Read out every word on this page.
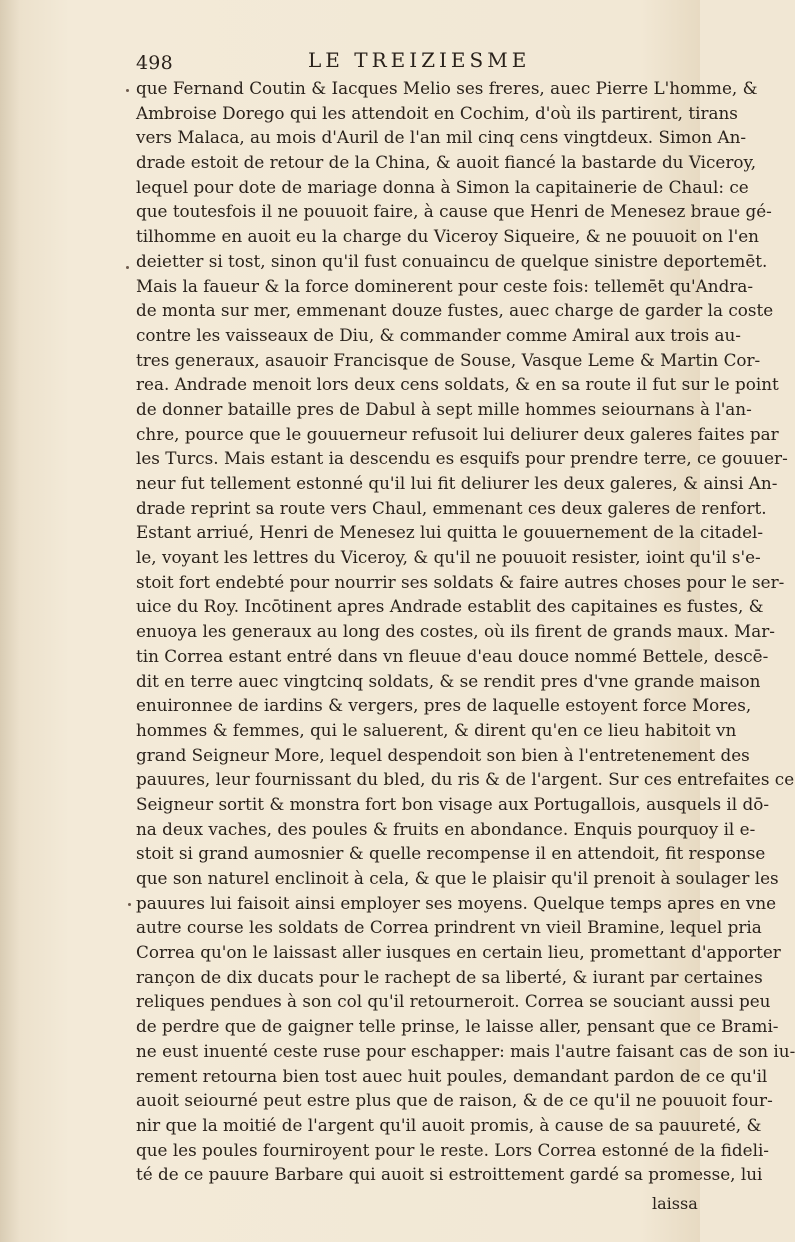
498	LE TREIZIESME
que Fernand Coutin & Iacques Melio ses freres, auec Pierre L'homme, &
Ambroise Dorego qui les attendoit en Cochim, d'où ils partirent, tirans
vers Malaca, au mois d'Auril de l'an mil cinq cens vingtdeux. Simon An-
drade estoit de retour de la China, & auoit fiancé la bastarde du Viceroy,
lequel pour dote de mariage donna à Simon la capitainerie de Chaul: ce
que toutesfois il ne pouuoit faire, à cause que Henri de Menesez braue gé-
tilhomme en auoit eu la charge du Viceroy Siqueire, & ne pouuoit on l'en
deietter si tost, sinon qu'il fust conuaincu de quelque sinistre deportemēt.
Mais la faueur & la force dominerent pour ceste fois: tellemēt qu'Andra-
de monta sur mer, emmenant douze fustes, auec charge de garder la coste
contre les vaisseaux de Diu, & commander comme Amiral aux trois au-
tres generaux, asauoir Francisque de Souse, Vasque Leme & Martin Cor-
rea. Andrade menoit lors deux cens soldats, & en sa route il fut sur le point
de donner bataille pres de Dabul à sept mille hommes seiournans à l'an-
chre, pource que le gouuerneur refusoit lui deliurer deux galeres faites par
les Turcs. Mais estant ia descendu es esquifs pour prendre terre, ce gouuer-
neur fut tellement estonné qu'il lui fit deliurer les deux galeres, & ainsi An-
drade reprint sa route vers Chaul, emmenant ces deux galeres de renfort.
Estant arriué, Henri de Menesez lui quitta le gouuernement de la citadel-
le, voyant les lettres du Viceroy, & qu'il ne pouuoit resister, ioint qu'il s'e-
stoit fort endebté pour nourrir ses soldats & faire autres choses pour le ser-
uice du Roy. Incōtinent apres Andrade establit des capitaines es fustes, &
enuoya les generaux au long des costes, où ils firent de grands maux. Mar-
tin Correa estant entré dans vn fleuue d'eau douce nommé Bettele, descē-
dit en terre auec vingtcinq soldats, & se rendit pres d'vne grande maison
enuironnee de iardins & vergers, pres de laquelle estoyent force Mores,
hommes & femmes, qui le saluerent, & dirent qu'en ce lieu habitoit vn
grand Seigneur More, lequel despendoit son bien à l'entretenement des
pauures, leur fournissant du bled, du ris & de l'argent. Sur ces entrefaites ce
Seigneur sortit & monstra fort bon visage aux Portugallois, ausquels il dō-
na deux vaches, des poules & fruits en abondance. Enquis pourquoy il e-
stoit si grand aumosnier & quelle recompense il en attendoit, fit response
que son naturel enclinoit à cela, & que le plaisir qu'il prenoit à soulager les
pauures lui faisoit ainsi employer ses moyens. Quelque temps apres en vne
autre course les soldats de Correa prindrent vn vieil Bramine, lequel pria
Correa qu'on le laissast aller iusques en certain lieu, promettant d'apporter
rançon de dix ducats pour le rachept de sa liberté, & iurant par certaines
reliques pendues à son col qu'il retourneroit. Correa se souciant aussi peu
de perdre que de gaigner telle prinse, le laisse aller, pensant que ce Brami-
ne eust inuenté ceste ruse pour eschapper: mais l'autre faisant cas de son iu-
rement retourna bien tost auec huit poules, demandant pardon de ce qu'il
auoit seiourné peut estre plus que de raison, & de ce qu'il ne pouuoit four-
nir que la moitié de l'argent qu'il auoit promis, à cause de sa pauureté, &
que les poules fourniroyent pour le reste. Lors Correa estonné de la fideli-
té de ce pauure Barbare qui auoit si estroittement gardé sa promesse, lui
laissa
